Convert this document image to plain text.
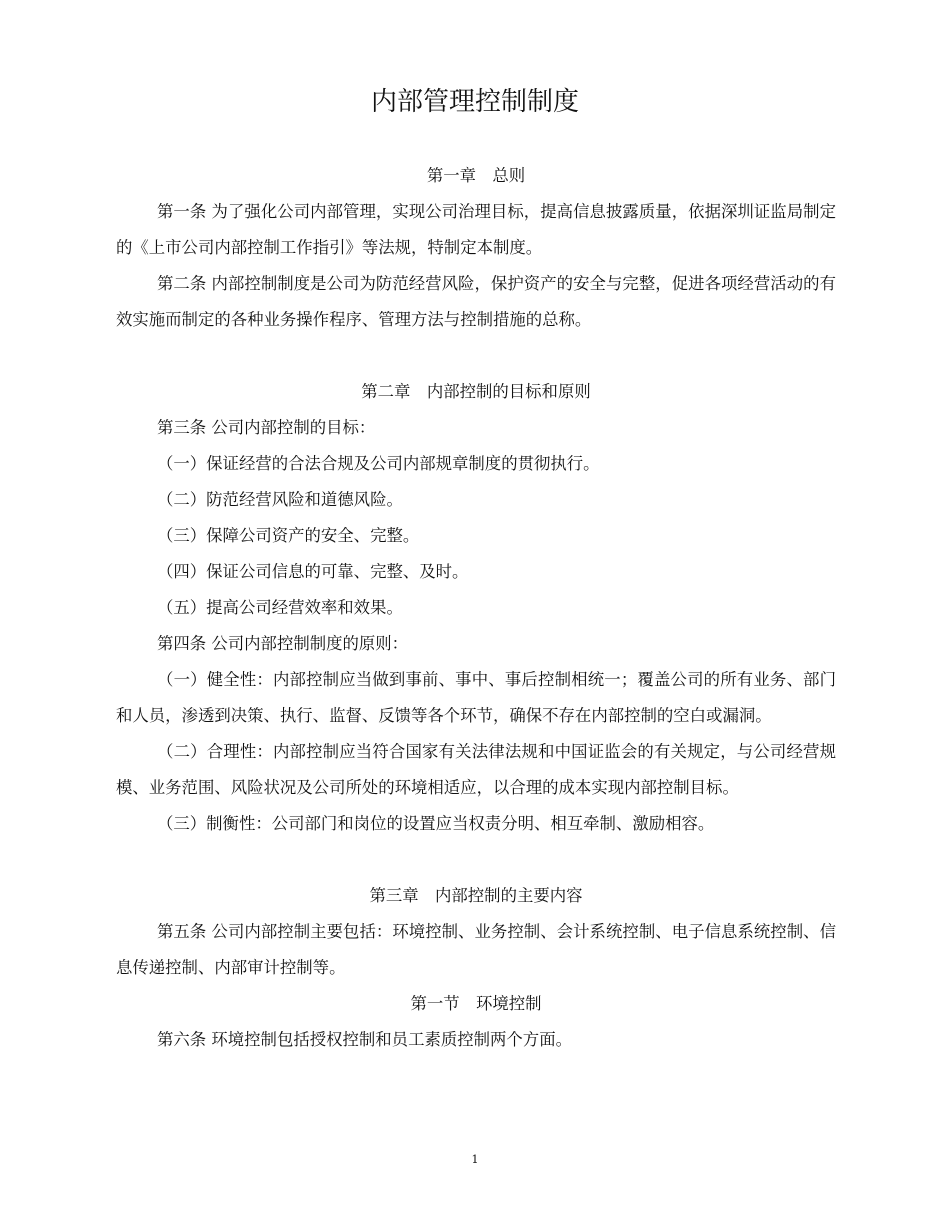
内部管理控制制度

第一章　总则

第一条 为了强化公司内部管理，实现公司治理目标，提高信息披露质量，依据深圳证监局制定的《上市公司内部控制工作指引》等法规，特制定本制度。

第二条 内部控制制度是公司为防范经营风险，保护资产的安全与完整，促进各项经营活动的有效实施而制定的各种业务操作程序、管理方法与控制措施的总称。

第二章　内部控制的目标和原则

第三条 公司内部控制的目标：

（一）保证经营的合法合规及公司内部规章制度的贯彻执行。

（二）防范经营风险和道德风险。

（三）保障公司资产的安全、完整。

（四）保证公司信息的可靠、完整、及时。

（五）提高公司经营效率和效果。

第四条 公司内部控制制度的原则：

（一）健全性：内部控制应当做到事前、事中、事后控制相统一；覆盖公司的所有业务、部门和人员，渗透到决策、执行、监督、反馈等各个环节，确保不存在内部控制的空白或漏洞。

（二）合理性：内部控制应当符合国家有关法律法规和中国证监会的有关规定，与公司经营规模、业务范围、风险状况及公司所处的环境相适应，以合理的成本实现内部控制目标。

（三）制衡性：公司部门和岗位的设置应当权责分明、相互牵制、激励相容。

第三章　内部控制的主要内容

第五条 公司内部控制主要包括：环境控制、业务控制、会计系统控制、电子信息系统控制、信息传递控制、内部审计控制等。

第一节　环境控制

第六条 环境控制包括授权控制和员工素质控制两个方面。

1
